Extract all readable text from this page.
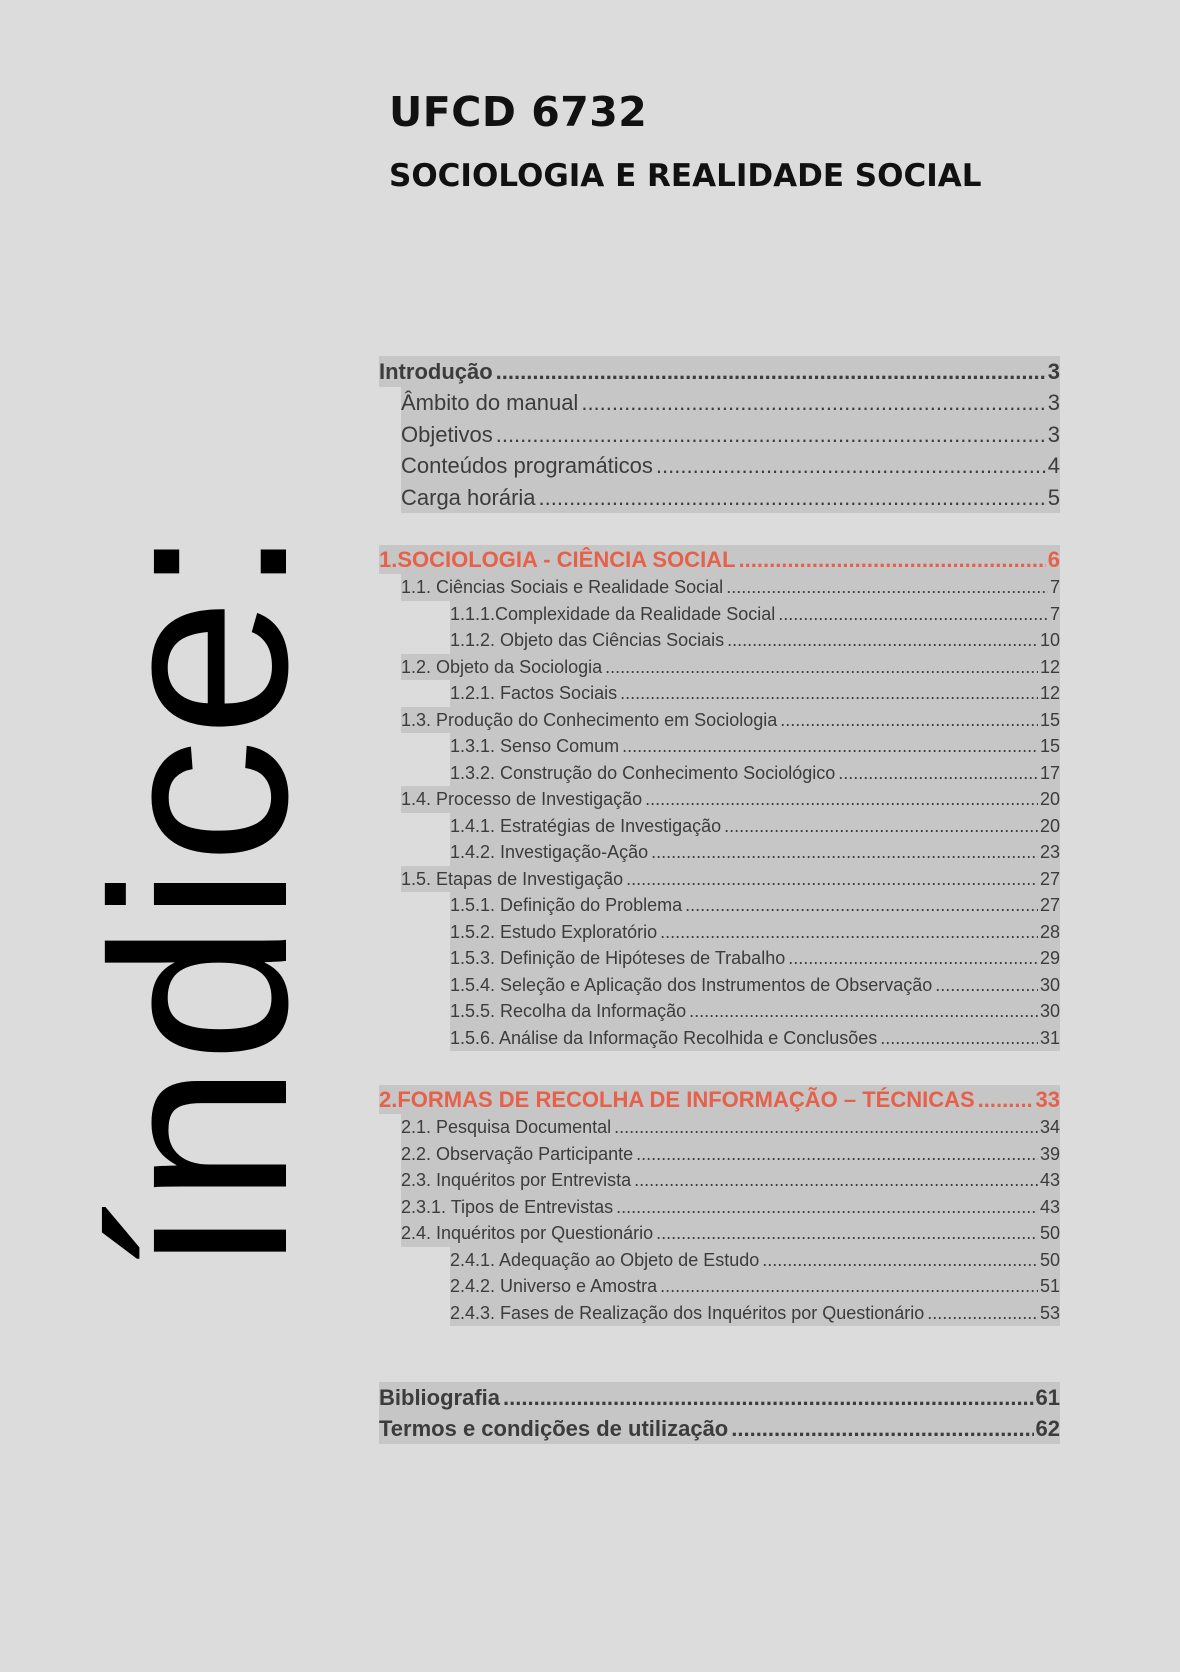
UFCD 6732
SOCIOLOGIA E REALIDADE SOCIAL
índice:
Introdução .....	3
Âmbito do manual .....	3
Objetivos .....	3
Conteúdos programáticos .....	4
Carga horária .....	5
1.SOCIOLOGIA - CIÊNCIA SOCIAL .....	6
1.1. Ciências Sociais e Realidade Social .....	7
1.1.1.Complexidade da Realidade Social .....	7
1.1.2. Objeto das Ciências Sociais .....	10
1.2. Objeto da Sociologia .....	12
1.2.1. Factos Sociais .....	12
1.3. Produção do Conhecimento em Sociologia .....	15
1.3.1. Senso Comum .....	15
1.3.2. Construção do Conhecimento Sociológico .....	17
1.4. Processo de Investigação .....	20
1.4.1. Estratégias de Investigação .....	20
1.4.2. Investigação-Ação .....	23
1.5. Etapas de Investigação .....	27
1.5.1. Definição do Problema .....	27
1.5.2. Estudo Exploratório .....	28
1.5.3. Definição de Hipóteses de Trabalho .....	29
1.5.4. Seleção e Aplicação dos Instrumentos de Observação .....	30
1.5.5. Recolha da Informação .....	30
1.5.6. Análise da Informação Recolhida e Conclusões .....	31
2.FORMAS DE RECOLHA DE INFORMAÇÃO – TÉCNICAS .....	33
2.1. Pesquisa Documental .....	34
2.2. Observação Participante .....	39
2.3. Inquéritos por Entrevista .....	43
2.3.1. Tipos de Entrevistas .....	43
2.4. Inquéritos por Questionário .....	50
2.4.1. Adequação ao Objeto de Estudo .....	50
2.4.2. Universo e Amostra .....	51
2.4.3. Fases de Realização dos Inquéritos por Questionário .....	53
Bibliografia .....	61
Termos e condições de utilização .....	62
